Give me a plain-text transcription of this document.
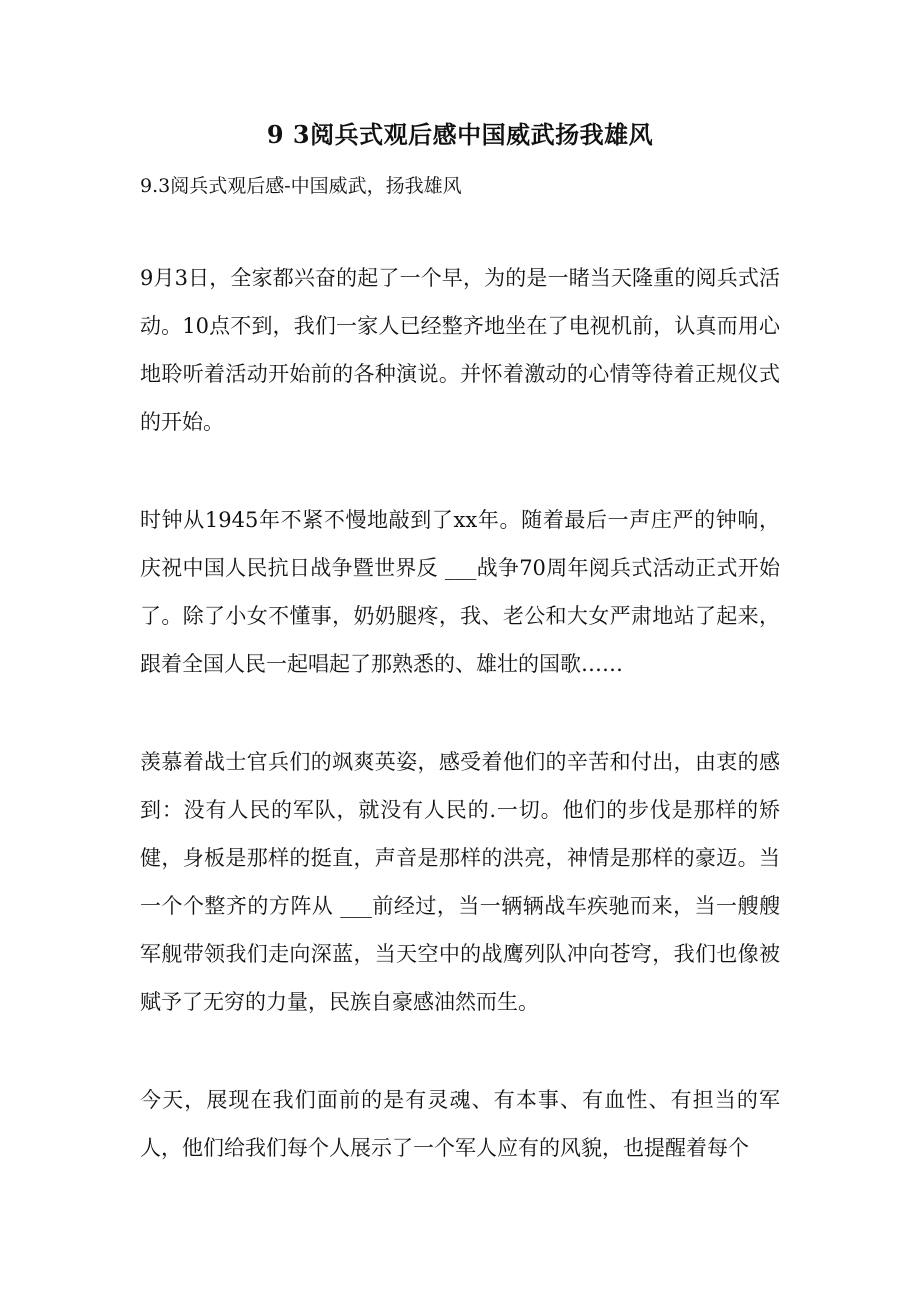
9 3阅兵式观后感中国威武扬我雄风

9.3阅兵式观后感-中国威武，扬我雄风

9月3日，全家都兴奋的起了一个早，为的是一睹当天隆重的阅兵式活动。10点不到，我们一家人已经整齐地坐在了电视机前，认真而用心地聆听着活动开始前的各种演说。并怀着激动的心情等待着正规仪式的开始。

时钟从1945年不紧不慢地敲到了xx年。随着最后一声庄严的钟响，庆祝中国人民抗日战争暨世界反 ___战争70周年阅兵式活动正式开始了。除了小女不懂事，奶奶腿疼，我、老公和大女严肃地站了起来，跟着全国人民一起唱起了那熟悉的、雄壮的国歌……

羡慕着战士官兵们的飒爽英姿，感受着他们的辛苦和付出，由衷的感到：没有人民的军队，就没有人民的.一切。他们的步伐是那样的矫健，身板是那样的挺直，声音是那样的洪亮，神情是那样的豪迈。当一个个整齐的方阵从 ___前经过，当一辆辆战车疾驰而来，当一艘艘军舰带领我们走向深蓝，当天空中的战鹰列队冲向苍穹，我们也像被赋予了无穷的力量，民族自豪感油然而生。

今天，展现在我们面前的是有灵魂、有本事、有血性、有担当的军人，他们给我们每个人展示了一个军人应有的风貌，也提醒着每个
